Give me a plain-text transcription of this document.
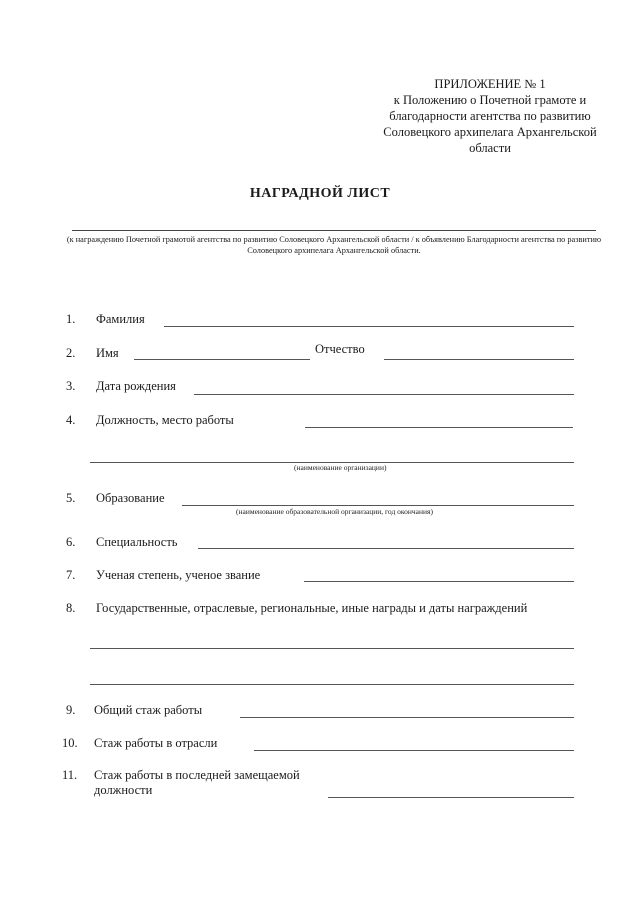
ПРИЛОЖЕНИЕ № 1
к Положению о Почетной грамоте и
благодарности агентства по развитию
Соловецкого архипелага Архангельской
области
НАГРАДНОЙ ЛИСТ
(к награждению Почетной грамотой агентства по развитию Соловецкого Архангельской области / к объявлению Благодарности агентства по развитию Соловецкого архипелага Архангельской области.
1. Фамилия
2. Имя	Отчество
3. Дата рождения
4. Должность, место работы
(наименование организации)
5. Образование
(наименование образовательной организации, год окончания)
6. Специальность
7. Ученая степень, ученое звание
8. Государственные, отраслевые, региональные, иные награды и даты награждений
9. Общий стаж работы
10. Стаж работы в отрасли
11. Стаж работы в последней замещаемой
должности
